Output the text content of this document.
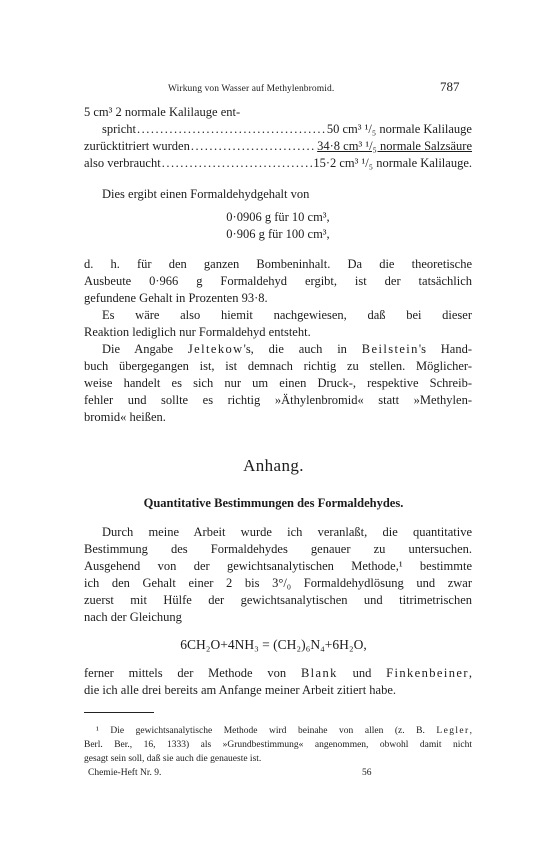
Wirkung von Wasser auf Methylenbromid.	787
5 cm³ 2 normale Kalilauge ent-
spricht .....	50 cm³ ¹/₅ normale Kalilauge
zurücktitriert wurden .....	34·8 cm³ ¹/₅ normale Salzsäure
also verbraucht .....	15·2 cm³ ¹/₅ normale Kalilauge.
Dies ergibt einen Formaldehydgehalt von
0·0906 g für 10 cm³,
0·906 g für 100 cm³,
d. h. für den ganzen Bombeninhalt. Da die theoretische
Ausbeute 0·966 g Formaldehyd ergibt, ist der tatsächlich
gefundene Gehalt in Prozenten 93·8.
Es wäre also hiemit nachgewiesen, daß bei dieser
Reaktion lediglich nur Formaldehyd entsteht.
Die Angabe Jeltekow's, die auch in Beilstein's Hand-
buch übergegangen ist, ist demnach richtig zu stellen. Möglicher-
weise handelt es sich nur um einen Druck-, respektive Schreib-
fehler und sollte es richtig »Äthylenbromid« statt »Methylen-
bromid« heißen.
Anhang.
Quantitative Bestimmungen des Formaldehydes.
Durch meine Arbeit wurde ich veranlaßt, die quantitative
Bestimmung des Formaldehydes genauer zu untersuchen.
Ausgehend von der gewichtsanalytischen Methode,¹ bestimmte
ich den Gehalt einer 2 bis 3°/₀ Formaldehydlösung und zwar
zuerst mit Hülfe der gewichtsanalytischen und titrimetrischen
nach der Gleichung
6CH₂O+4NH₃ = (CH₂)₆N₄+6H₂O,
ferner mittels der Methode von Blank und Finkenbeiner,
die ich alle drei bereits am Anfange meiner Arbeit zitiert habe.
¹ Die gewichtsanalytische Methode wird beinahe von allen (z. B. Legler,
Berl. Ber., 16, 1333) als »Grundbestimmung« angenommen, obwohl damit nicht
gesagt sein soll, daß sie auch die genaueste ist.
Chemie-Heft Nr. 9.	56
